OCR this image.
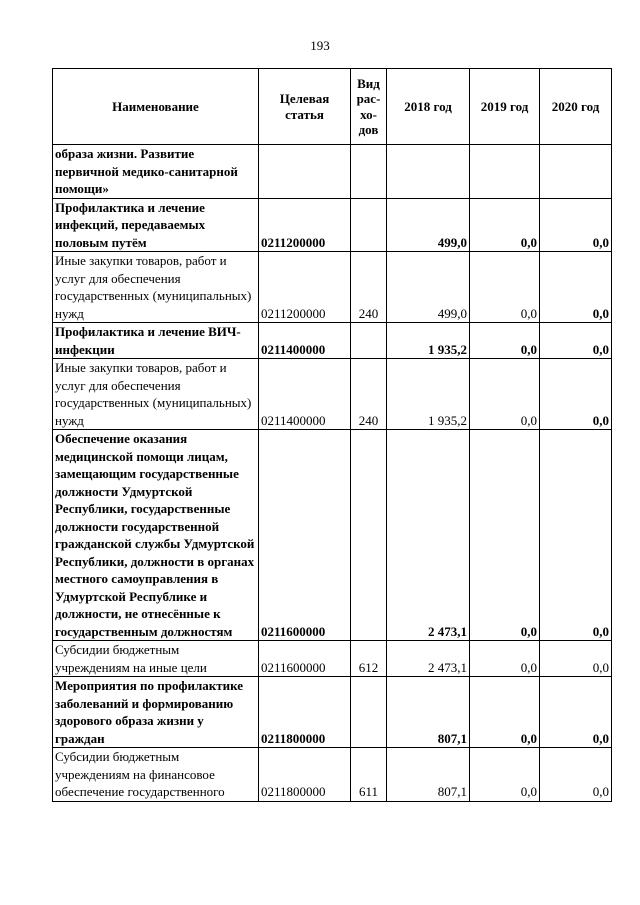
193
Наименование	Целевая статья	Вид рас-хо-дов	2018 год	2019 год	2020 год
образа жизни. Развитие первичной медико-санитарной помощи»					
Профилактика и лечение инфекций, передаваемых половым путём	0211200000		499,0	0,0	0,0
Иные закупки товаров, работ и услуг для обеспечения государственных (муниципальных) нужд	0211200000	240	499,0	0,0	0,0
Профилактика и лечение ВИЧ-инфекции	0211400000		1 935,2	0,0	0,0
Иные закупки товаров, работ и услуг для обеспечения государственных (муниципальных) нужд	0211400000	240	1 935,2	0,0	0,0
Обеспечение оказания медицинской помощи лицам, замещающим государственные должности Удмуртской Республики, государственные должности государственной гражданской службы Удмуртской Республики, должности в органах местного самоуправления в Удмуртской Республике и должности, не отнесённые к государственным должностям	0211600000		2 473,1	0,0	0,0
Субсидии бюджетным учреждениям на иные цели	0211600000	612	2 473,1	0,0	0,0
Мероприятия по профилактике заболеваний и формированию здорового образа жизни у граждан	0211800000		807,1	0,0	0,0
Субсидии бюджетным учреждениям на финансовое обеспечение государственного	0211800000	611	807,1	0,0	0,0
